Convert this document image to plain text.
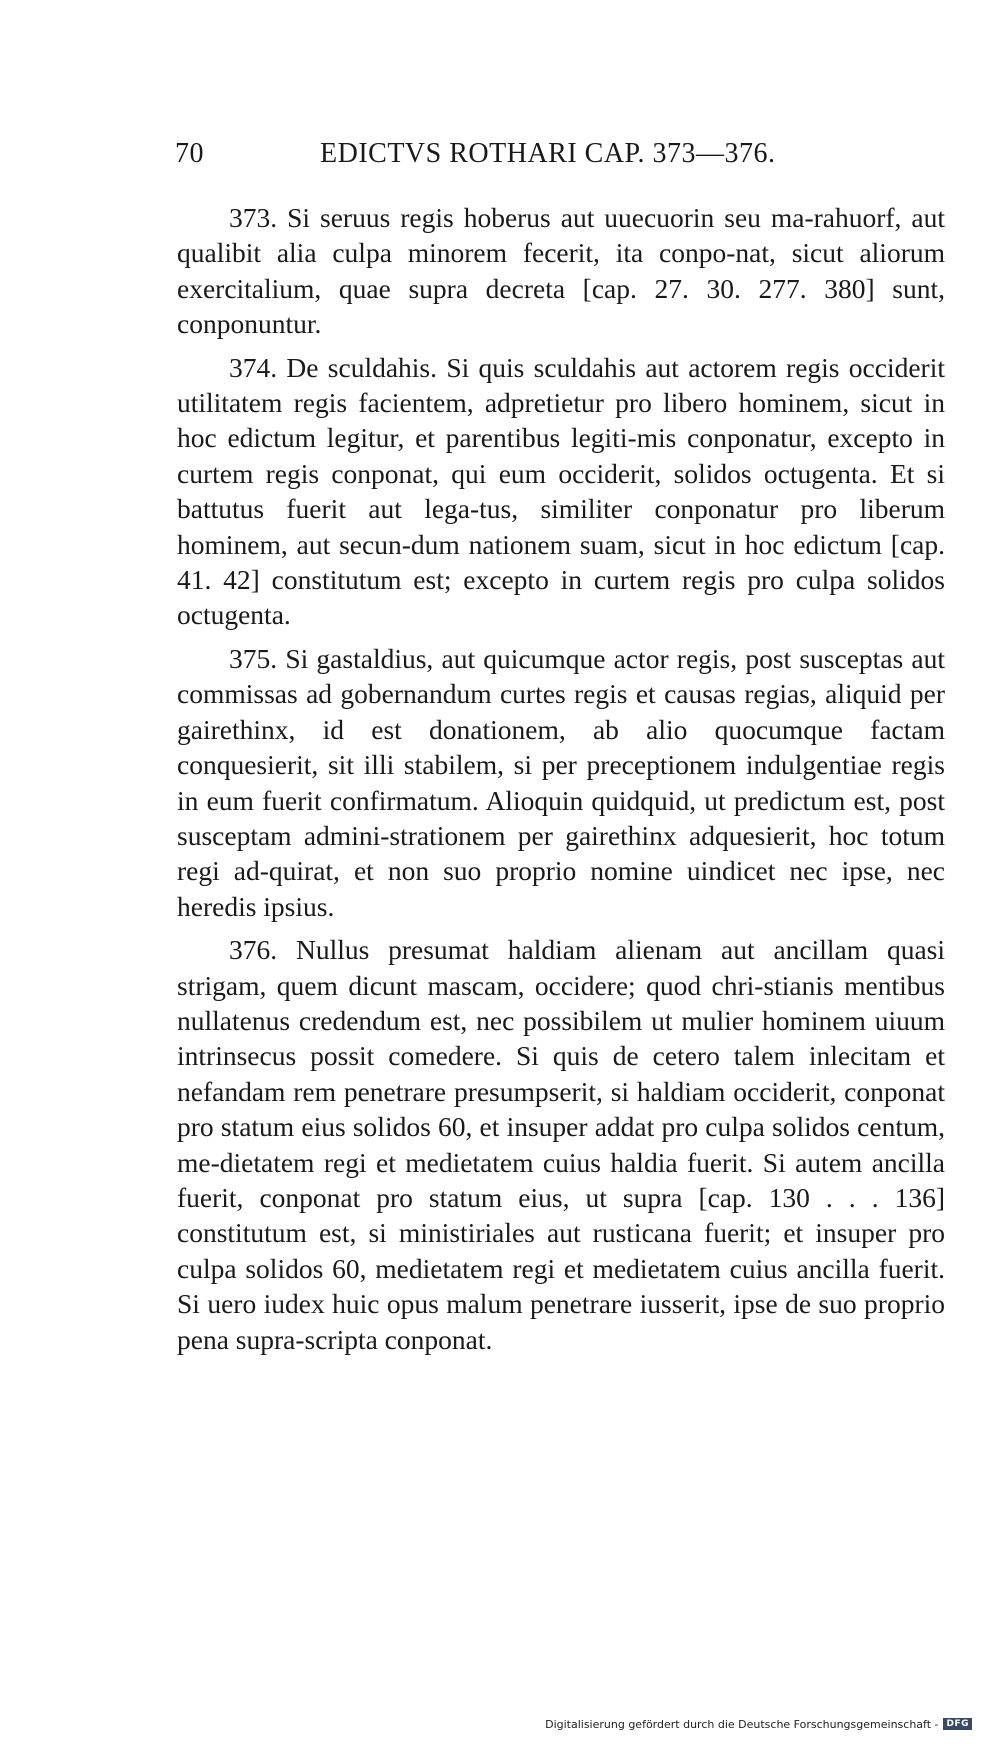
70	EDICTVS ROTHARI CAP. 373—376.

373. Si seruus regis hoberus aut uuecuorin seu ma-rahuorf, aut qualibit alia culpa minorem fecerit, ita conpo-nat, sicut aliorum exercitalium, quae supra decreta [cap. 27. 30. 277. 380] sunt, conponuntur.

374. De sculdahis. Si quis sculdahis aut actorem regis occiderit utilitatem regis facientem, adpretietur pro libero hominem, sicut in hoc edictum legitur, et parentibus legiti-mis conponatur, excepto in curtem regis conponat, qui eum occiderit, solidos octugenta. Et si battutus fuerit aut lega-tus, similiter conponatur pro liberum hominem, aut secun-dum nationem suam, sicut in hoc edictum [cap. 41. 42] constitutum est; excepto in curtem regis pro culpa solidos octugenta.

375. Si gastaldius, aut quicumque actor regis, post susceptas aut commissas ad gobernandum curtes regis et causas regias, aliquid per gairethinx, id est donationem, ab alio quocumque factam conquesierit, sit illi stabilem, si per preceptionem indulgentiae regis in eum fuerit confirmatum. Alioquin quidquid, ut predictum est, post susceptam admini-strationem per gairethinx adquesierit, hoc totum regi ad-quirat, et non suo proprio nomine uindicet nec ipse, nec heredis ipsius.

376. Nullus presumat haldiam alienam aut ancillam quasi strigam, quem dicunt mascam, occidere; quod chri-stianis mentibus nullatenus credendum est, nec possibilem ut mulier hominem uiuum intrinsecus possit comedere. Si quis de cetero talem inlecitam et nefandam rem penetrare presumpserit, si haldiam occiderit, conponat pro statum eius solidos 60, et insuper addat pro culpa solidos centum, me-dietatem regi et medietatem cuius haldia fuerit. Si autem ancilla fuerit, conponat pro statum eius, ut supra [cap. 130 . . . 136] constitutum est, si ministiriales aut rusticana fuerit; et insuper pro culpa solidos 60, medietatem regi et medietatem cuius ancilla fuerit. Si uero iudex huic opus malum penetrare iusserit, ipse de suo proprio pena supra-scripta conponat.

Digitalisierung gefördert durch die Deutsche Forschungsgemeinschaft - DFG
